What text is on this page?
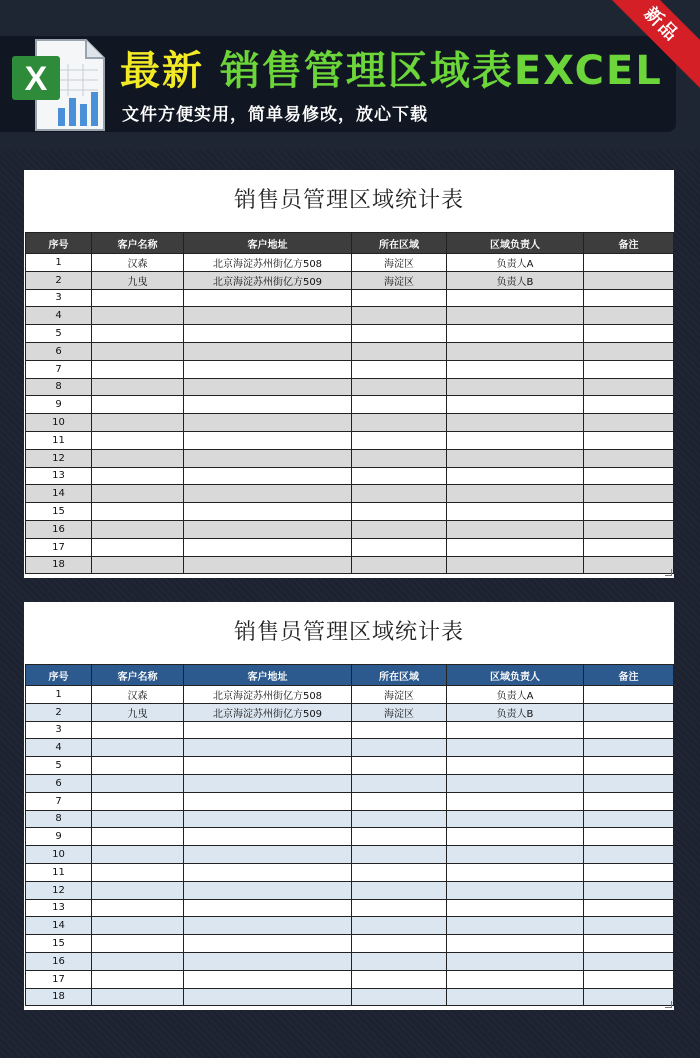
X 最新 销售管理区域表EXCEL
文件方便实用，简单易修改，放心下载
新品
销售员管理区域统计表
序号	客户名称	客户地址	所在区域	区域负责人	备注
1	汉森	北京海淀苏州街亿方508	海淀区	负责人A	
2	九曳	北京海淀苏州街亿方509	海淀区	负责人B	
3					
4					
5					
6					
7					
8					
9					
10					
11					
12					
13					
14					
15					
16					
17					
18					
销售员管理区域统计表
序号	客户名称	客户地址	所在区域	区域负责人	备注
1	汉森	北京海淀苏州街亿方508	海淀区	负责人A	
2	九曳	北京海淀苏州街亿方509	海淀区	负责人B	
3					
4					
5					
6					
7					
8					
9					
10					
11					
12					
13					
14					
15					
16					
17					
18					
